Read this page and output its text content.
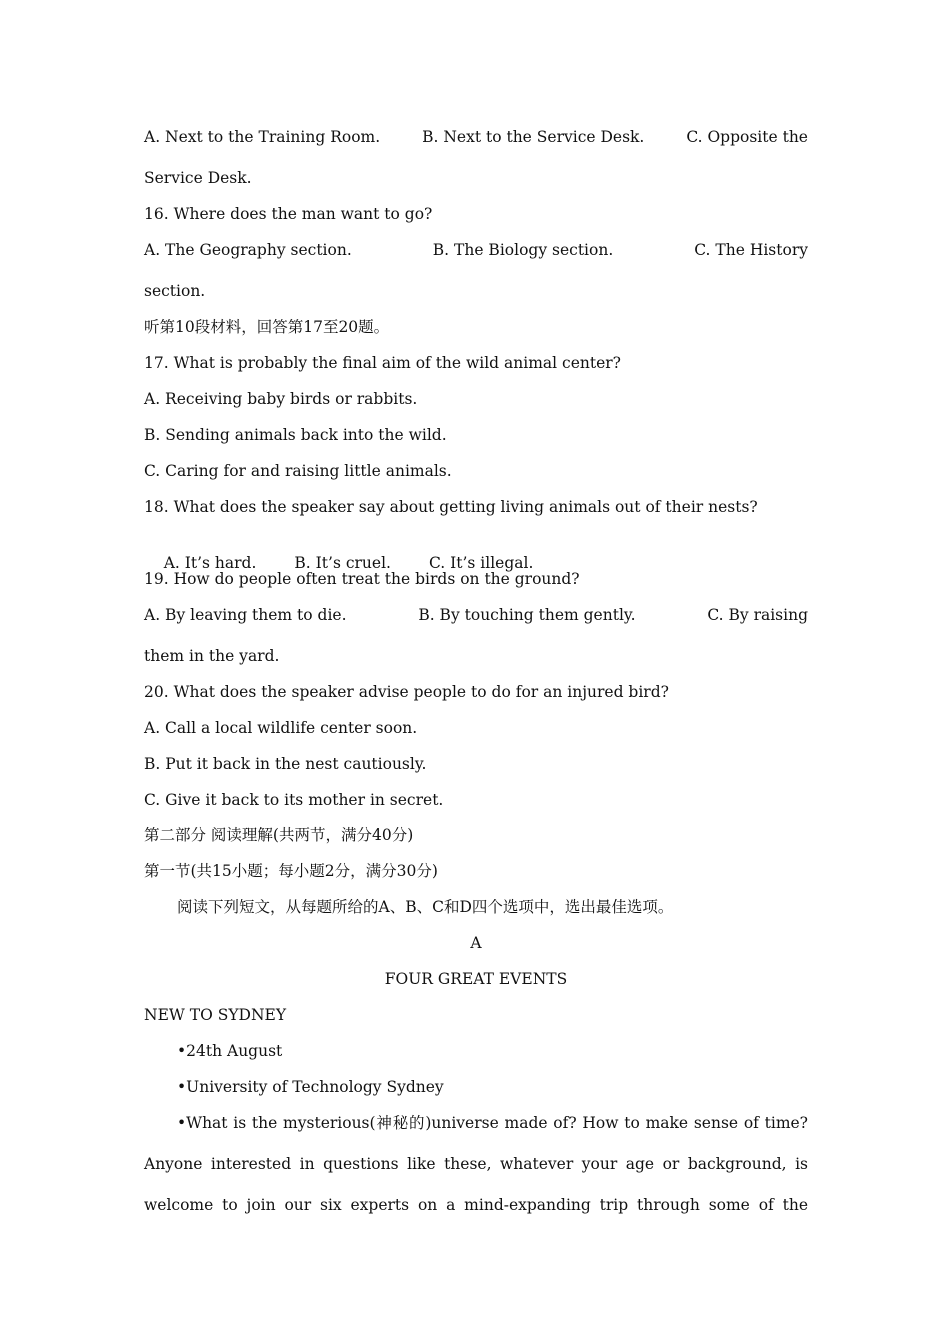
A. Next to the Training Room.	B. Next to the Service Desk.	C. Opposite the
Service Desk.
16. Where does the man want to go?
A. The Geography section.	B. The Biology section.	C. The History
section.
听第10段材料，回答第17至20题。
17. What is probably the final aim of the wild animal center?
A. Receiving baby birds or rabbits.
B. Sending animals back into the wild.
C. Caring for and raising little animals.
18. What does the speaker say about getting living animals out of their nests?

A. It’s hard. B. It’s cruel. C. It’s illegal.

19. How do people often treat the birds on the ground?
A. By leaving them to die.	B. By touching them gently.	C. By raising
them in the yard.
20. What does the speaker advise people to do for an injured bird?
A. Call a local wildlife center soon.
B. Put it back in the nest cautiously.
C. Give it back to its mother in secret.
第二部分 阅读理解(共两节，满分40分)
第一节(共15小题；每小题2分，满分30分)
阅读下列短文，从每题所给的A、B、C和D四个选项中，选出最佳选项。
A
FOUR GREAT EVENTS
NEW TO SYDNEY
•24th August
•University of Technology Sydney
•What is the mysterious(神秘的)universe made of? How to make sense of time?
Anyone interested in questions like these, whatever your age or background, is
welcome to join our six experts on a mind-expanding trip through some of the
